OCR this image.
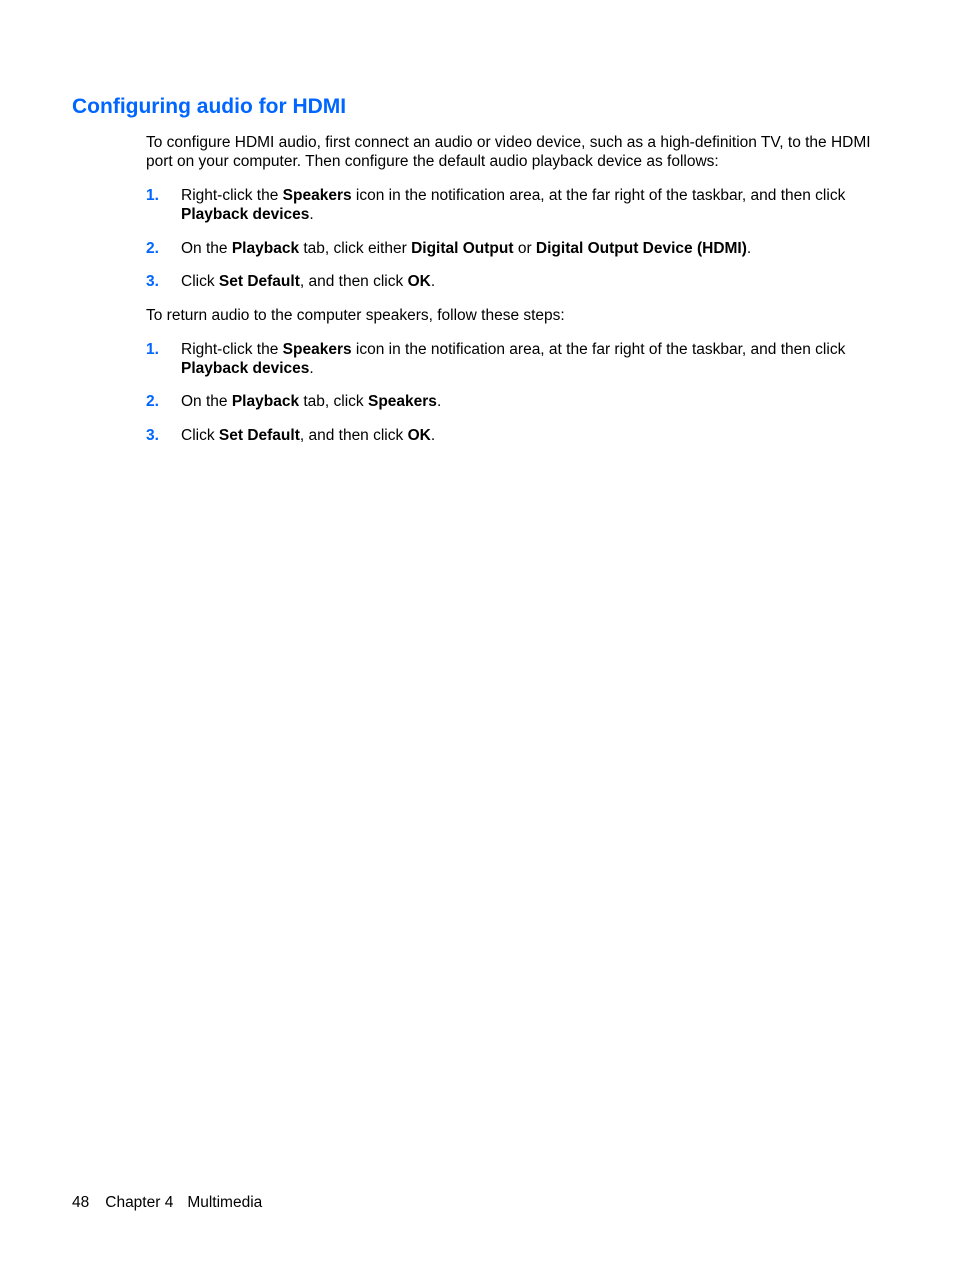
Configuring audio for HDMI

To configure HDMI audio, first connect an audio or video device, such as a high-definition TV, to the HDMI port on your computer. Then configure the default audio playback device as follows:

1. Right-click the Speakers icon in the notification area, at the far right of the taskbar, and then click Playback devices.
2. On the Playback tab, click either Digital Output or Digital Output Device (HDMI).
3. Click Set Default, and then click OK.

To return audio to the computer speakers, follow these steps:

1. Right-click the Speakers icon in the notification area, at the far right of the taskbar, and then click Playback devices.
2. On the Playback tab, click Speakers.
3. Click Set Default, and then click OK.
48 Chapter 4 Multimedia
